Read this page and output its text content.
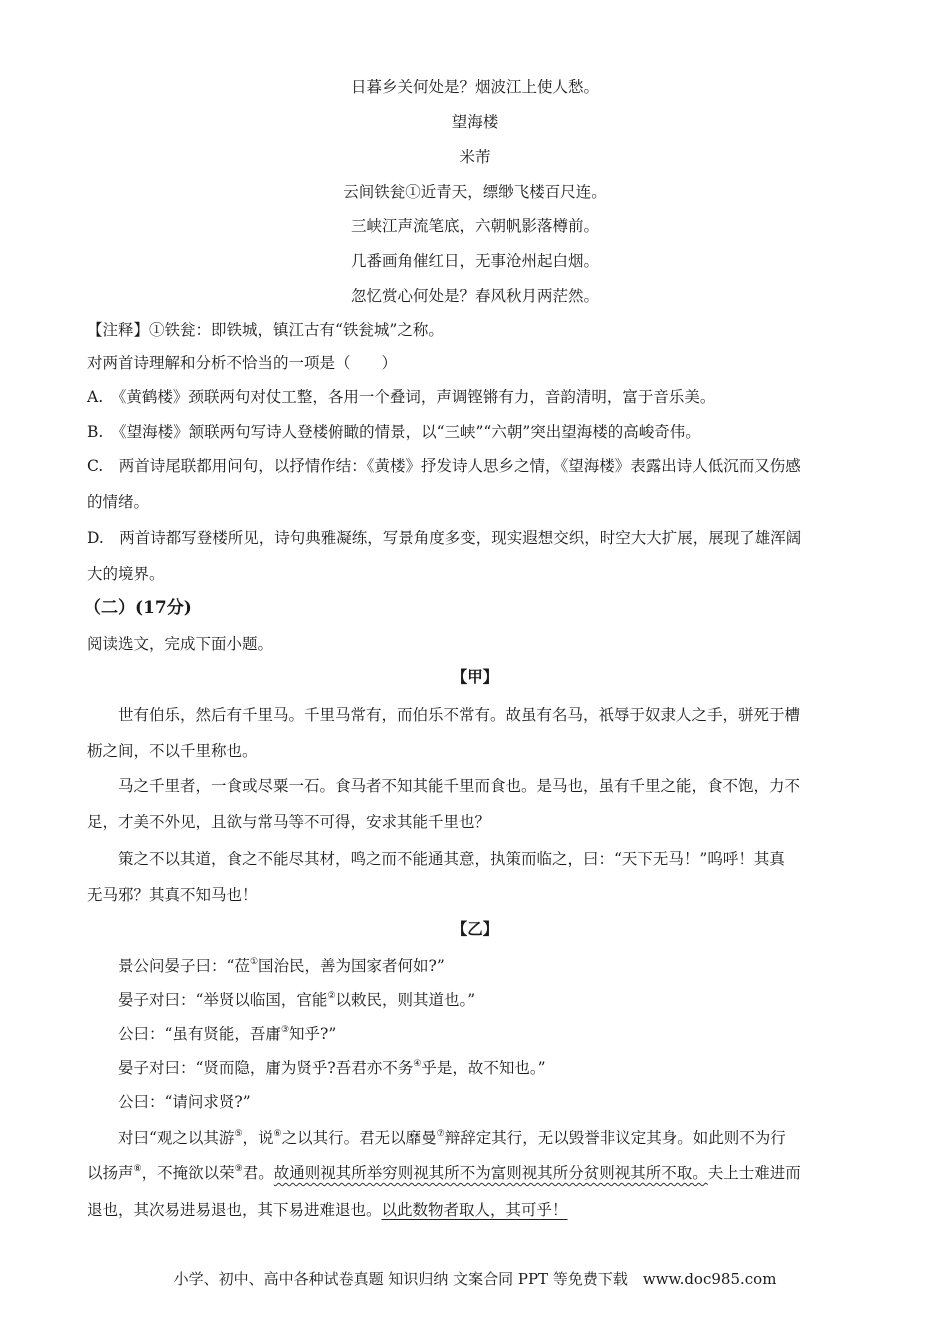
日暮乡关何处是？烟波江上使人愁。
望海楼
米芾
云间铁瓮①近青天，缥缈飞楼百尺连。
三峡江声流笔底，六朝帆影落樽前。
几番画角催红日，无事沧州起白烟。
忽忆赏心何处是？春风秋月两茫然。
【注释】①铁瓮：即铁城，镇江古有“铁瓮城”之称。
对两首诗理解和分析不恰当的一项是（　　）
A.　《黄鹤楼》颈联两句对仗工整，各用一个叠词，声调铿锵有力，音韵清明，富于音乐美。
B.　《望海楼》颔联两句写诗人登楼俯瞰的情景，以“三峡”“六朝”突出望海楼的高峻奇伟。
C.　两首诗尾联都用问句，以抒情作结：《黄楼》抒发诗人思乡之情，《望海楼》表露出诗人低沉而又伤感
的情绪。
D.　两首诗都写登楼所见，诗句典雅凝练，写景角度多变，现实遐想交织，时空大大扩展，展现了雄浑阔
大的境界。
（二）(17分)
阅读选文，完成下面小题。
【甲】
世有伯乐，然后有千里马。千里马常有，而伯乐不常有。故虽有名马，祇辱于奴隶人之手，骈死于槽
枥之间，不以千里称也。
马之千里者，一食或尽粟一石。食马者不知其能千里而食也。是马也，虽有千里之能，食不饱，力不
足，才美不外见，且欲与常马等不可得，安求其能千里也？
策之不以其道，食之不能尽其材，鸣之而不能通其意，执策而临之，曰：“天下无马！”呜呼！其真
无马邪？其真不知马也！
【乙】
景公问晏子曰：“莅①国治民，善为国家者何如?”
晏子对曰：“举贤以临国，官能②以敕民，则其道也。”
公曰：“虽有贤能，吾庸③知乎?”
晏子对曰：“贤而隐，庸为贤乎?吾君亦不务④乎是，故不知也。”
公曰：“请问求贤?”
对曰“观之以其游⑤，说⑥之以其行。君无以靡曼⑦辩辞定其行，无以毁誉非议定其身。如此则不为行
以扬声⑧，不掩欲以荣⑨君。故通则视其所举穷则视其所不为富则视其所分贫则视其所不取。夫上士难进而
退也，其次易进易退也，其下易进难退也。以此数物者取人，其可乎！
小学、初中、高中各种试卷真题 知识归纳 文案合同 PPT 等免费下载　www.doc985.com
